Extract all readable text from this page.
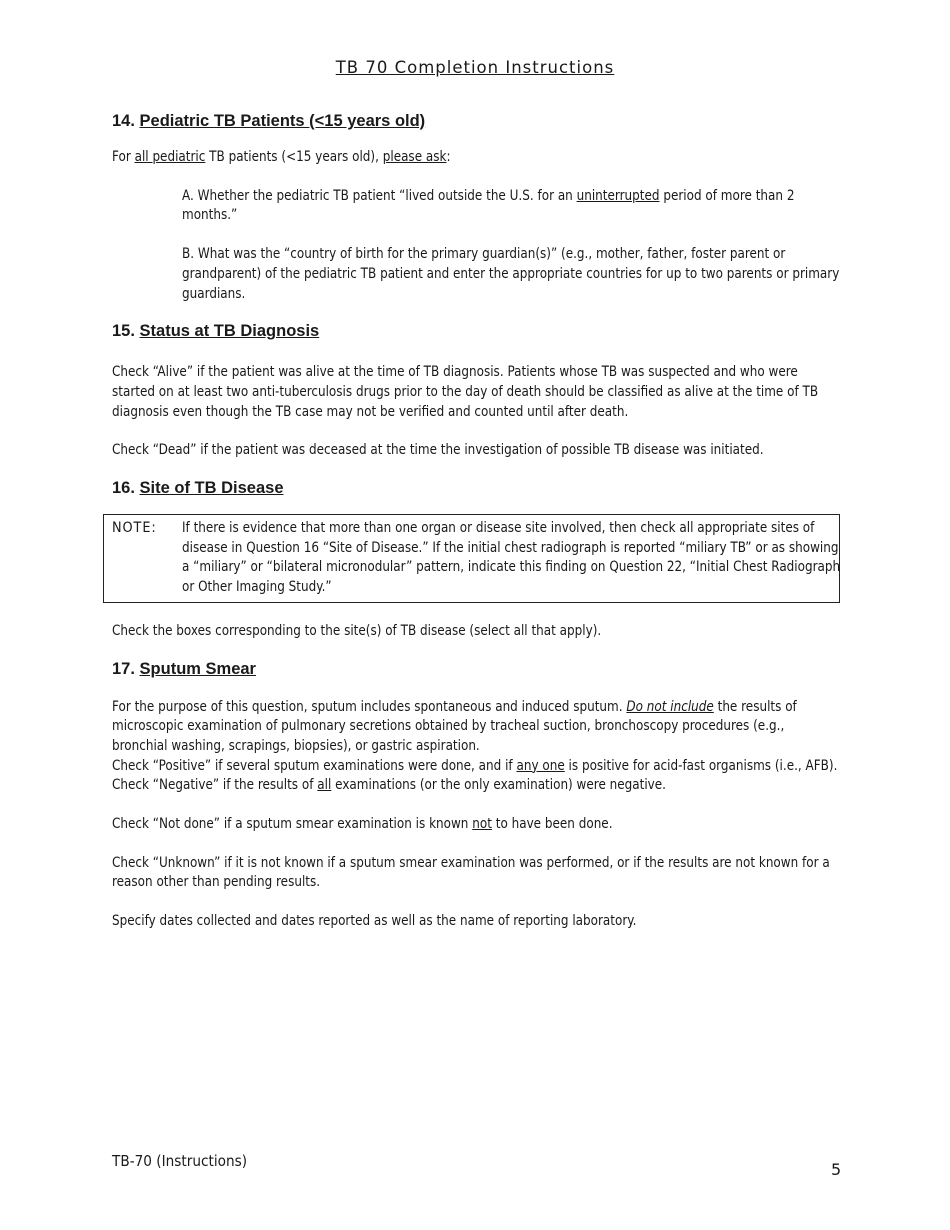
TB 70 Completion Instructions

14. Pediatric TB Patients (<15 years old)

For all pediatric TB patients (<15 years old), please ask:

A. Whether the pediatric TB patient “lived outside the U.S. for an uninterrupted period of more than 2 months.”

B. What was the “country of birth for the primary guardian(s)” (e.g., mother, father, foster parent or grandparent) of the pediatric TB patient and enter the appropriate countries for up to two parents or primary guardians.

15. Status at TB Diagnosis

Check “Alive” if the patient was alive at the time of TB diagnosis. Patients whose TB was suspected and who were started on at least two anti-tuberculosis drugs prior to the day of death should be classified as alive at the time of TB diagnosis even though the TB case may not be verified and counted until after death.

Check “Dead” if the patient was deceased at the time the investigation of possible TB disease was initiated.

16. Site of TB Disease

NOTE: If there is evidence that more than one organ or disease site involved, then check all appropriate sites of disease in Question 16 “Site of Disease.” If the initial chest radiograph is reported “miliary TB” or as showing a “miliary” or “bilateral micronodular” pattern, indicate this finding on Question 22, “Initial Chest Radiograph or Other Imaging Study.”

Check the boxes corresponding to the site(s) of TB disease (select all that apply).

17. Sputum Smear

For the purpose of this question, sputum includes spontaneous and induced sputum. Do not include the results of microscopic examination of pulmonary secretions obtained by tracheal suction, bronchoscopy procedures (e.g., bronchial washing, scrapings, biopsies), or gastric aspiration.

Check “Positive” if several sputum examinations were done, and if any one is positive for acid-fast organisms (i.e., AFB).

Check “Negative” if the results of all examinations (or the only examination) were negative.

Check “Not done” if a sputum smear examination is known not to have been done.

Check “Unknown” if it is not known if a sputum smear examination was performed, or if the results are not known for a reason other than pending results.

Specify dates collected and dates reported as well as the name of reporting laboratory.

TB-70 (Instructions)	5
